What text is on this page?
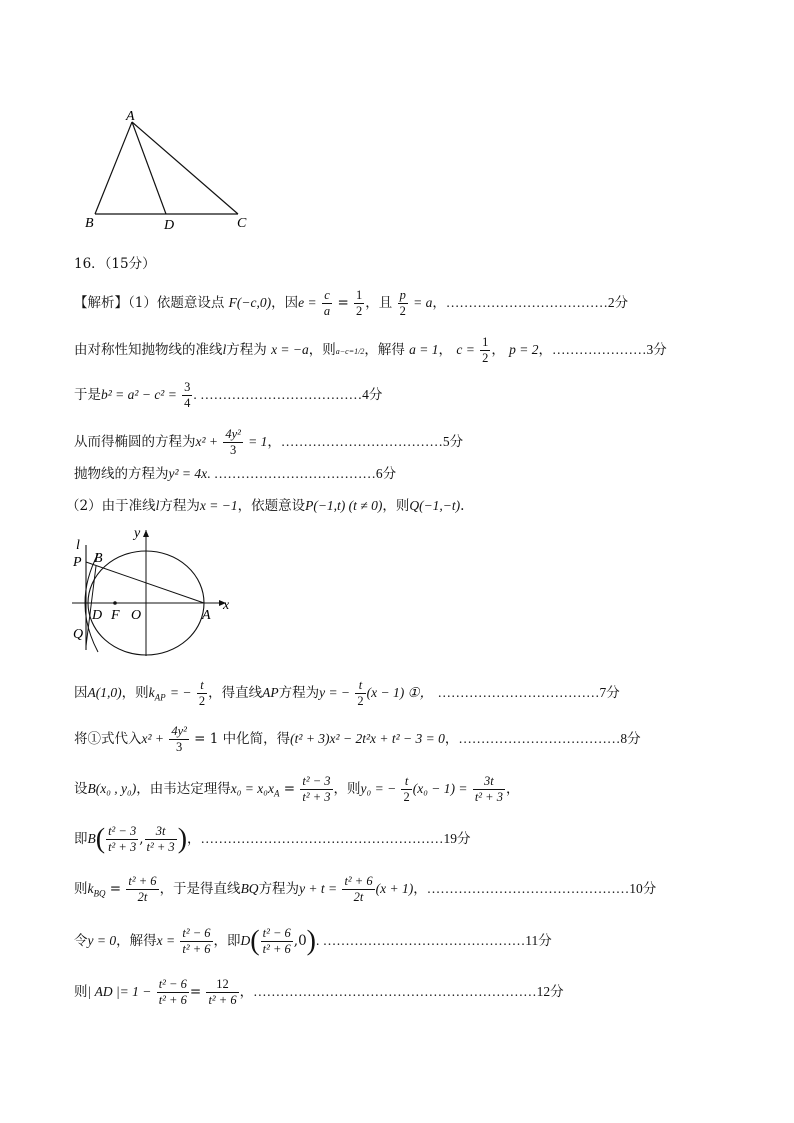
A
B	D	C
16．（15分）
【解析】（1）依题意设点 F(−c,0)，因$e = \frac{c}{a} = \frac{1}{2}$ ，且 $\frac{p}{2} = a$，………………………………2分
由对称性知抛物线的准线l方程为 x = −a，则a−c=1/2，解得 a = 1， $c = \frac{1}{2}$ ， p = 2，…………………3分
于是$b^2 = a^2 - c^2 = \frac{3}{4}$ . ………………………………4分
从而得椭圆的方程为$x^2 + \frac{\text{4y²}}{3} = 1$，………………………………5分
抛物线的方程为y² = 4x. ………………………………6分
（2）由于准线l方程为x = −1，依题意设P(−1,t) (t ≠ 0)，则Q(−1,−t).
y
x
l
P B
D F O	A
Q
因A(1,0)，则$k_{AP}$ = − $\frac{t}{2}$ ，得直线AP方程为y = − $\frac{t}{2} (x - 1)$ ①， ………………………………7分
将①式代入$x^2 + \frac{\text{4y²}}{3} = 1$ 中化简，得(t² + 3)x² − 2t²x + t² − 3 = 0，………………………………8分
设B(x₀ , y₀)，由韦达定理得$x_0 = x_0x_A = \frac{\text{t² − 3}}{\text{t² + 3}}$ ，则y₀ = − $\frac{t}{2} (x_0 - 1) = \frac{3t}{\text{t² + 3}}$ ，
即$B( \frac{\text{t² − 3}}{\text{t² + 3}}$ , $\frac{3t}{\text{t² + 3}}$ )，………………………………………………19分
则$k_{BQ} = \frac{\text{t² + 6}}{2t}$ ，于是得直线BQ方程为$y + t = \frac{\text{t² + 6}}{2t} (x + 1)$，………………………………………10分
令y = 0，解得$x = \frac{\text{t² − 6}}{\text{t² + 6}}$ ，即$D( \frac{\text{t² − 6}}{\text{t² + 6}} ,0)$. ………………………………………11分
则| AD |= $1 - \frac{\text{t² − 6}}{\text{t² + 6}} = \frac{12}{\text{t² + 6}}$ ，………………………………………………………12分
